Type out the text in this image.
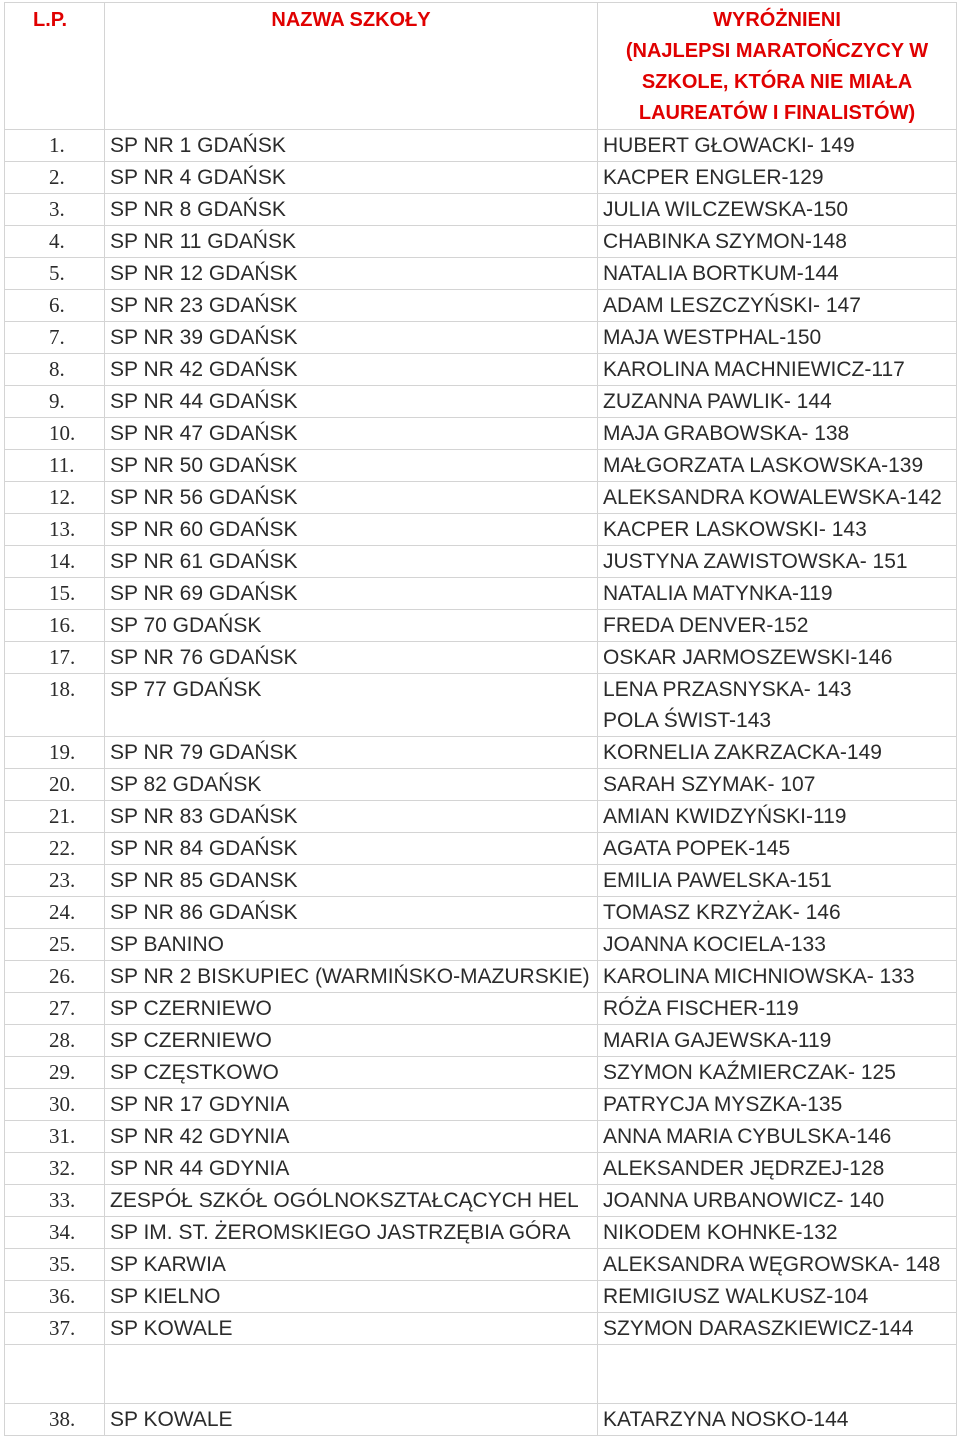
L.P.	NAZWA SZKOŁY	WYRÓŻNIENI
(NAJLEPSI MARATOŃCZYCY W SZKOLE, KTÓRA NIE MIAŁA LAUREATÓW I FINALISTÓW)

1.	SP NR 1 GDAŃSK	HUBERT GŁOWACKI- 149

2.	SP NR 4 GDAŃSK	KACPER ENGLER-129

3.	SP NR 8 GDAŃSK	JULIA WILCZEWSKA-150

4.	SP NR 11 GDAŃSK	CHABINKA SZYMON-148

5.	SP NR 12 GDAŃSK	NATALIA BORTKUM-144

6.	SP NR 23 GDAŃSK	ADAM LESZCZYŃSKI- 147

7.	SP NR 39 GDAŃSK	MAJA WESTPHAL-150

8.	SP NR 42 GDAŃSK	KAROLINA MACHNIEWICZ-117

9.	SP NR 44 GDAŃSK	ZUZANNA PAWLIK- 144

10.	SP NR 47 GDAŃSK	MAJA GRABOWSKA- 138

11.	SP NR 50 GDAŃSK	MAŁGORZATA LASKOWSKA-139

12.	SP NR 56 GDAŃSK	ALEKSANDRA KOWALEWSKA-142

13.	SP NR 60 GDAŃSK	KACPER LASKOWSKI- 143

14.	SP NR 61 GDAŃSK	JUSTYNA ZAWISTOWSKA- 151

15.	SP NR 69 GDAŃSK	NATALIA MATYNKA-119

16.	SP 70 GDAŃSK	FREDA DENVER-152

17.	SP NR 76 GDAŃSK	OSKAR JARMOSZEWSKI-146

18.	SP 77 GDAŃSK	LENA PRZASNYSKA- 143
POLA ŚWIST-143

19.	SP NR 79 GDAŃSK	KORNELIA ZAKRZACKA-149

20.	SP 82 GDAŃSK	SARAH SZYMAK- 107

21.	SP NR 83 GDAŃSK	AMIAN KWIDZYŃSKI-119

22.	SP NR 84 GDAŃSK	AGATA POPEK-145

23.	SP NR 85 GDANSK	EMILIA PAWELSKA-151

24.	SP NR 86 GDAŃSK	TOMASZ KRZYŻAK- 146

25.	SP BANINO	JOANNA KOCIELA-133

26.	SP NR 2 BISKUPIEC (WARMIŃSKO-MAZURSKIE)	KAROLINA MICHNIOWSKA- 133

27.	SP CZERNIEWO	RÓŻA FISCHER-119

28.	SP CZERNIEWO	MARIA GAJEWSKA-119

29.	SP CZĘSTKOWO	SZYMON KAŹMIERCZAK- 125

30.	SP NR 17 GDYNIA	PATRYCJA MYSZKA-135

31.	SP NR 42 GDYNIA	ANNA MARIA CYBULSKA-146

32.	SP NR 44 GDYNIA	ALEKSANDER JĘDRZEJ-128

33.	ZESPÓŁ SZKÓŁ OGÓLNOKSZTAŁCĄCYCH HEL	JOANNA URBANOWICZ- 140

34.	SP IM. ST. ŻEROMSKIEGO JASTRZĘBIA GÓRA	NIKODEM KOHNKE-132

35.	SP KARWIA	ALEKSANDRA WĘGROWSKA- 148

36.	SP KIELNO	REMIGIUSZ WALKUSZ-104

37.	SP KOWALE	SZYMON DARASZKIEWICZ-144

38.	SP KOWALE	KATARZYNA NOSKO-144
